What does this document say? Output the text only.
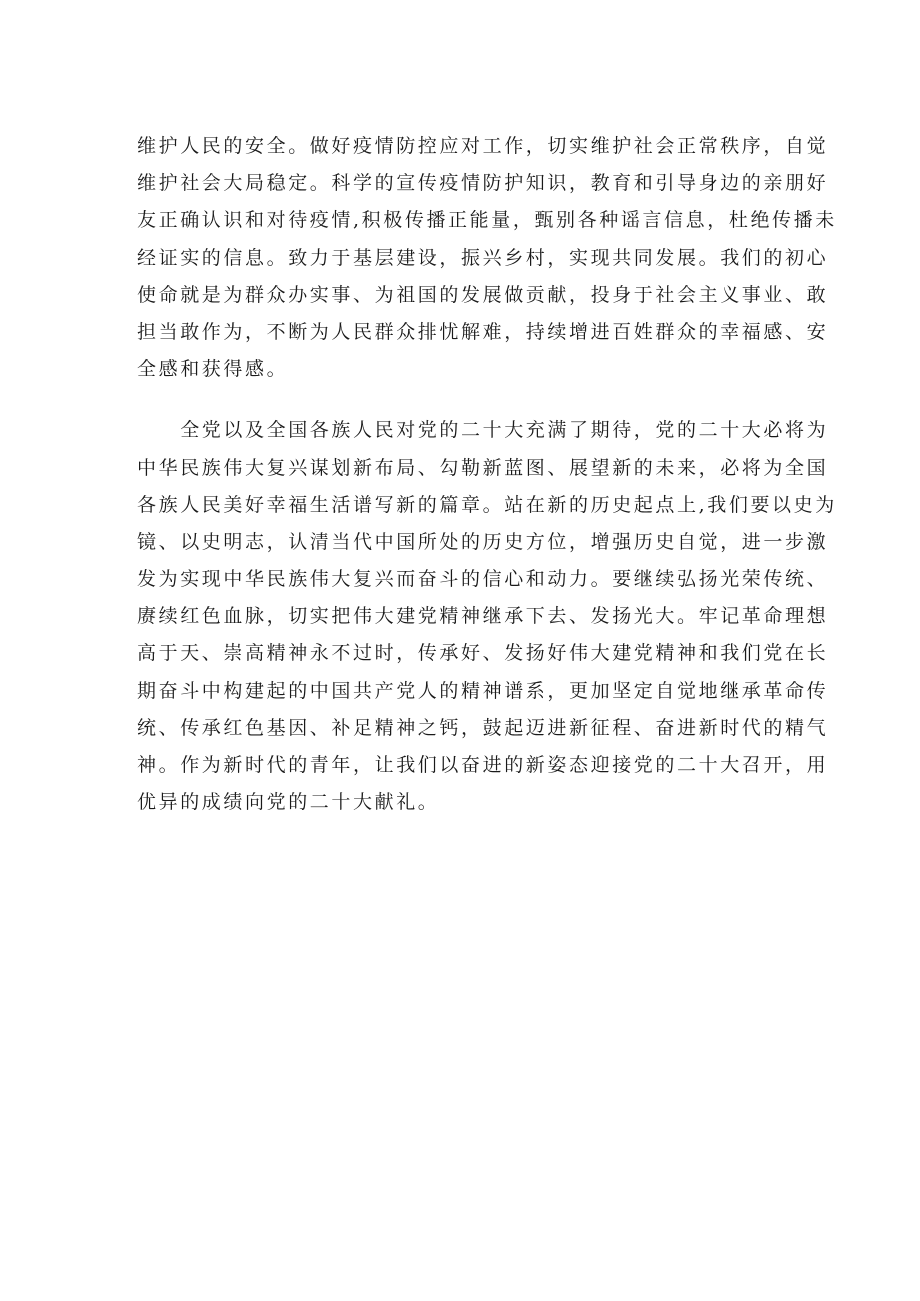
维护人民的安全。做好疫情防控应对工作，切实维护社会正常秩序，自觉
维护社会大局稳定。科学的宣传疫情防护知识，教育和引导身边的亲朋好
友正确认识和对待疫情,积极传播正能量，甄别各种谣言信息，杜绝传播未
经证实的信息。致力于基层建设，振兴乡村，实现共同发展。我们的初心
使命就是为群众办实事、为祖国的发展做贡献，投身于社会主义事业、敢
担当敢作为，不断为人民群众排忧解难，持续增进百姓群众的幸福感、安
全感和获得感。

　　全党以及全国各族人民对党的二十大充满了期待，党的二十大必将为
中华民族伟大复兴谋划新布局、勾勒新蓝图、展望新的未来，必将为全国
各族人民美好幸福生活谱写新的篇章。站在新的历史起点上,我们要以史为
镜、以史明志，认清当代中国所处的历史方位，增强历史自觉，进一步激
发为实现中华民族伟大复兴而奋斗的信心和动力。要继续弘扬光荣传统、
赓续红色血脉，切实把伟大建党精神继承下去、发扬光大。牢记革命理想
高于天、崇高精神永不过时，传承好、发扬好伟大建党精神和我们党在长
期奋斗中构建起的中国共产党人的精神谱系，更加坚定自觉地继承革命传
统、传承红色基因、补足精神之钙，鼓起迈进新征程、奋进新时代的精气
神。作为新时代的青年，让我们以奋进的新姿态迎接党的二十大召开，用
优异的成绩向党的二十大献礼。
